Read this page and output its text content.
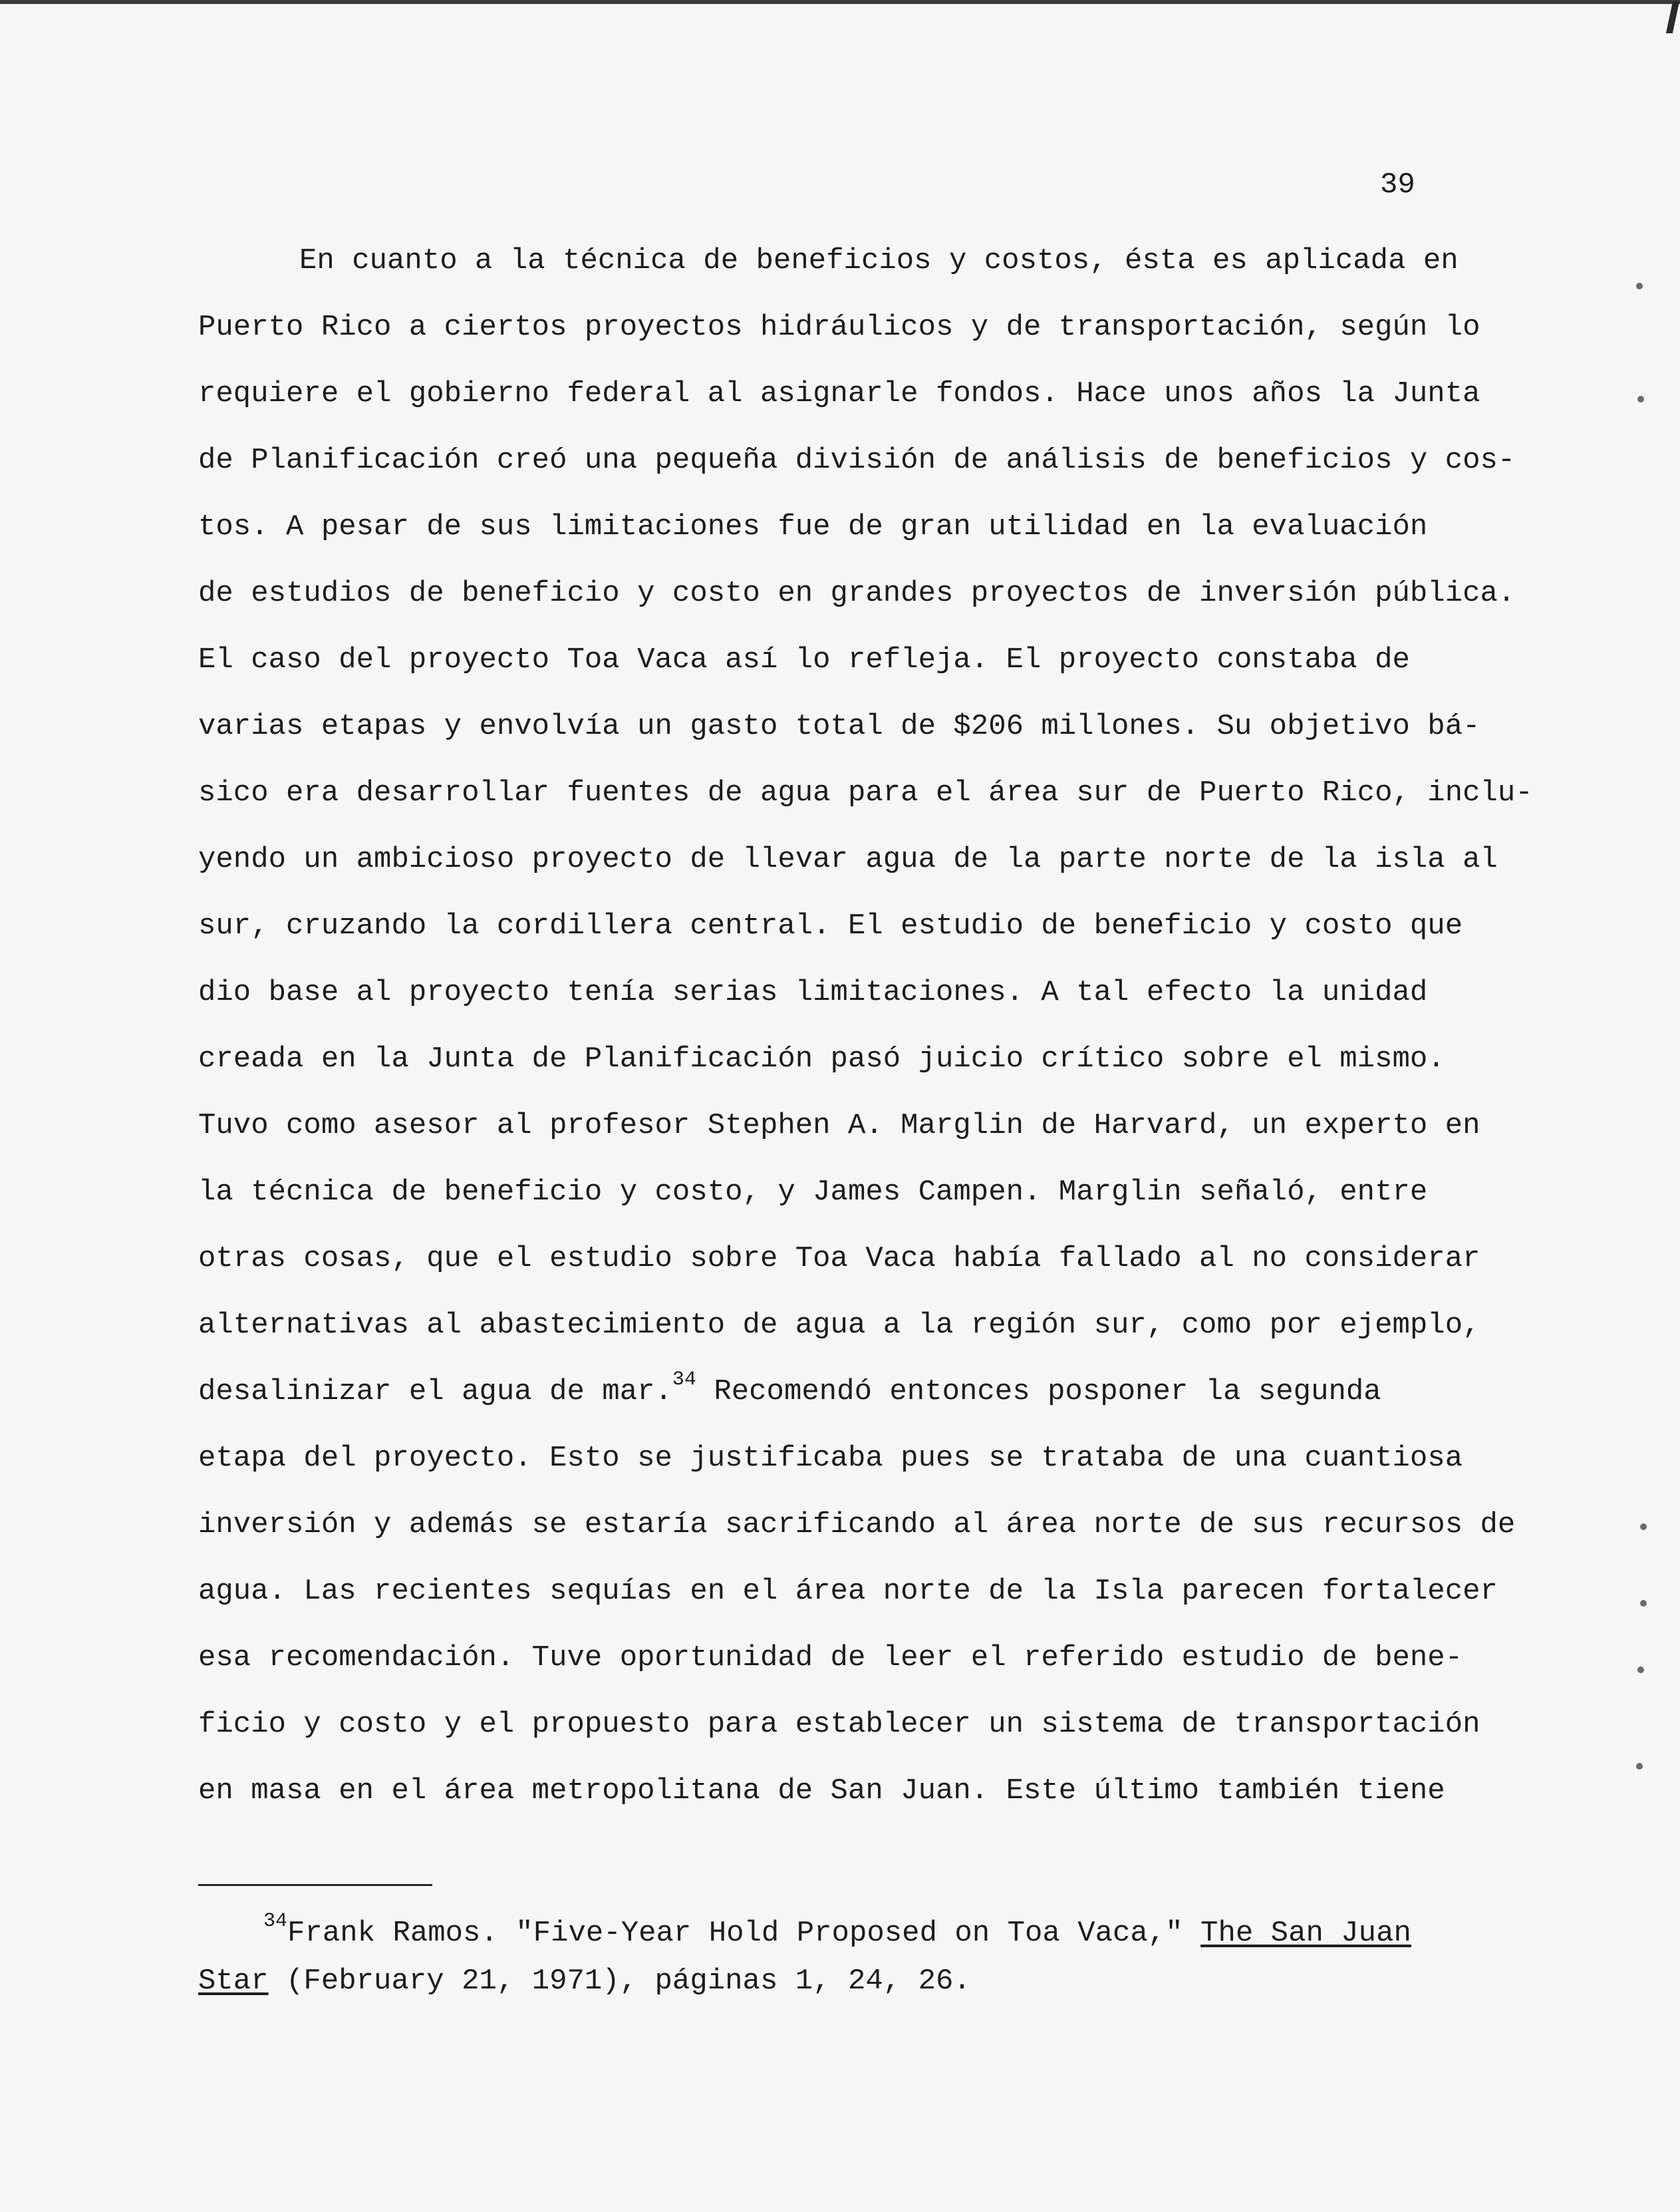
39
En cuanto a la técnica de beneficios y costos, ésta es aplicada en
Puerto Rico a ciertos proyectos hidráulicos y de transportación, según lo
requiere el gobierno federal al asignarle fondos. Hace unos años la Junta
de Planificación creó una pequeña división de análisis de beneficios y cos-
tos. A pesar de sus limitaciones fue de gran utilidad en la evaluación
de estudios de beneficio y costo en grandes proyectos de inversión pública.
El caso del proyecto Toa Vaca así lo refleja. El proyecto constaba de
varias etapas y envolvía un gasto total de $206 millones. Su objetivo bá-
sico era desarrollar fuentes de agua para el área sur de Puerto Rico, inclu-
yendo un ambicioso proyecto de llevar agua de la parte norte de la isla al
sur, cruzando la cordillera central. El estudio de beneficio y costo que
dio base al proyecto tenía serias limitaciones. A tal efecto la unidad
creada en la Junta de Planificación pasó juicio crítico sobre el mismo.
Tuvo como asesor al profesor Stephen A. Marglin de Harvard, un experto en
la técnica de beneficio y costo, y James Campen. Marglin señaló, entre
otras cosas, que el estudio sobre Toa Vaca había fallado al no considerar
alternativas al abastecimiento de agua a la región sur, como por ejemplo,
desalinizar el agua de mar.$^{34}$ Recomendó entonces posponer la segunda
etapa del proyecto. Esto se justificaba pues se trataba de una cuantiosa
inversión y además se estaría sacrificando al área norte de sus recursos de
agua. Las recientes sequías en el área norte de la Isla parecen fortalecer
esa recomendación. Tuve oportunidad de leer el referido estudio de bene-
ficio y costo y el propuesto para establecer un sistema de transportación
en masa en el área metropolitana de San Juan. Este último también tiene
$^{34}$Frank Ramos. "Five-Year Hold Proposed on Toa Vaca," The San Juan
Star (February 21, 1971), páginas 1, 24, 26.
